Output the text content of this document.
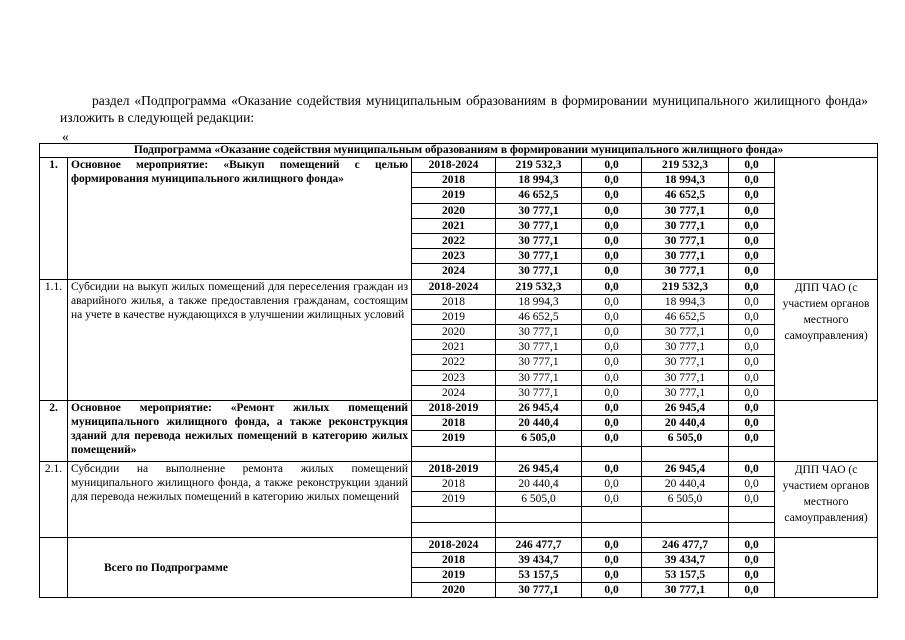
раздел «Подпрограмма «Оказание содействия муниципальным образованиям в формировании муниципального жилищного фонда» изложить в следующей редакции:
«
Подпрограмма «Оказание содействия муниципальным образованиям в формировании муниципального жилищного фонда»							
1.	Основное мероприятие: «Выкуп помещений с целью формирования муниципального жилищного фонда»	2018-2024	219 532,3	0,0	219 532,3	0,0	
		2018	18 994,3	0,0	18 994,3	0,0	
		2019	46 652,5	0,0	46 652,5	0,0	
		2020	30 777,1	0,0	30 777,1	0,0	
		2021	30 777,1	0,0	30 777,1	0,0	
		2022	30 777,1	0,0	30 777,1	0,0	
		2023	30 777,1	0,0	30 777,1	0,0	
		2024	30 777,1	0,0	30 777,1	0,0	
1.1.	Субсидии на выкуп жилых помещений для переселения граждан из аварийного жилья, а также предоставления гражданам, состоящим на учете в качестве нуждающихся в улучшении жилищных условий	2018-2024	219 532,3	0,0	219 532,3	0,0	ДПП ЧАО (с участием органов местного самоуправления)
		2018	18 994,3	0,0	18 994,3	0,0	
		2019	46 652,5	0,0	46 652,5	0,0	
		2020	30 777,1	0,0	30 777,1	0,0	
		2021	30 777,1	0,0	30 777,1	0,0	
		2022	30 777,1	0,0	30 777,1	0,0	
		2023	30 777,1	0,0	30 777,1	0,0	
		2024	30 777,1	0,0	30 777,1	0,0	
2.	Основное мероприятие: «Ремонт жилых помещений муниципального жилищного фонда, а также реконструкция зданий для перевода нежилых помещений в категорию жилых помещений»	2018-2019	26 945,4	0,0	26 945,4	0,0	
		2018	20 440,4	0,0	20 440,4	0,0	
		2019	6 505,0	0,0	6 505,0	0,0	

2.1.	Субсидии на выполнение ремонта жилых помещений муниципального жилищного фонда, а также реконструкции зданий для перевода нежилых помещений в категорию жилых помещений	2018-2019	26 945,4	0,0	26 945,4	0,0	ДПП ЧАО (с участием органов местного самоуправления)
		2018	20 440,4	0,0	20 440,4	0,0	
		2019	6 505,0	0,0	6 505,0	0,0	

	Всего по Подпрограмме	2018-2024	246 477,7	0,0	246 477,7	0,0	
		2018	39 434,7	0,0	39 434,7	0,0	
		2019	53 157,5	0,0	53 157,5	0,0	
		2020	30 777,1	0,0	30 777,1	0,0	
